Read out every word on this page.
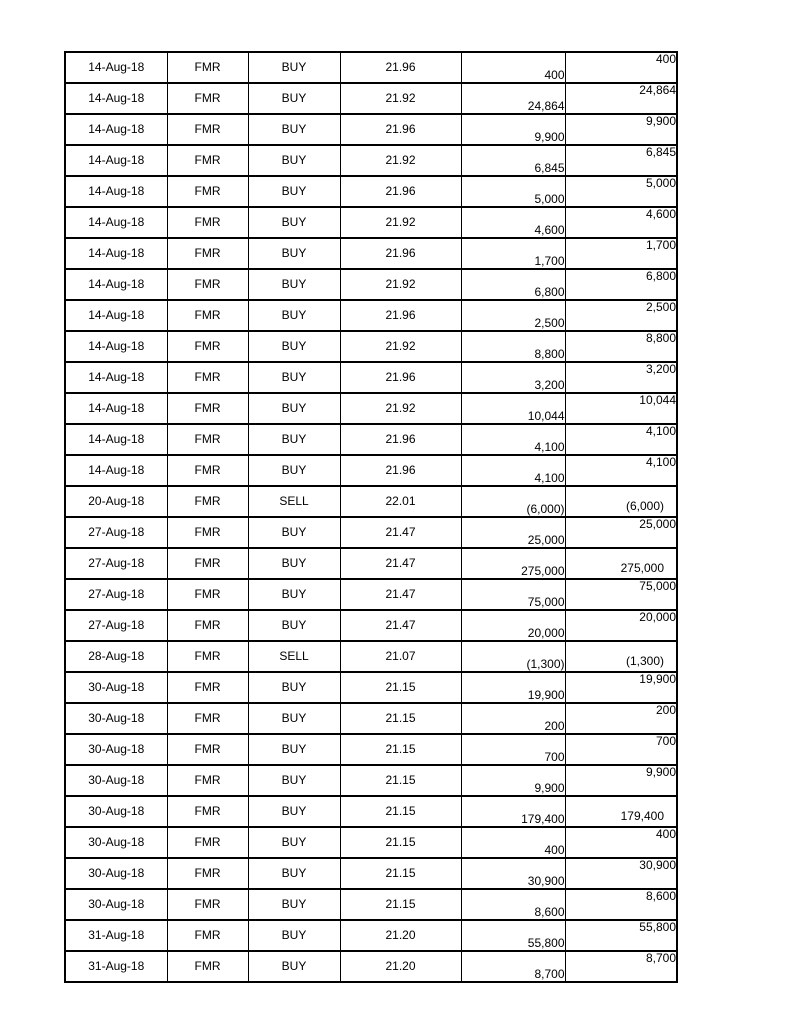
14-Aug-18	FMR	BUY	21.96	400	400
14-Aug-18	FMR	BUY	21.92	24,864	24,864
14-Aug-18	FMR	BUY	21.96	9,900	9,900
14-Aug-18	FMR	BUY	21.92	6,845	6,845
14-Aug-18	FMR	BUY	21.96	5,000	5,000
14-Aug-18	FMR	BUY	21.92	4,600	4,600
14-Aug-18	FMR	BUY	21.96	1,700	1,700
14-Aug-18	FMR	BUY	21.92	6,800	6,800
14-Aug-18	FMR	BUY	21.96	2,500	2,500
14-Aug-18	FMR	BUY	21.92	8,800	8,800
14-Aug-18	FMR	BUY	21.96	3,200	3,200
14-Aug-18	FMR	BUY	21.92	10,044	10,044
14-Aug-18	FMR	BUY	21.96	4,100	4,100
14-Aug-18	FMR	BUY	21.96	4,100	4,100
20-Aug-18	FMR	SELL	22.01	(6,000)	(6,000)
27-Aug-18	FMR	BUY	21.47	25,000	25,000
27-Aug-18	FMR	BUY	21.47	275,000	275,000
27-Aug-18	FMR	BUY	21.47	75,000	75,000
27-Aug-18	FMR	BUY	21.47	20,000	20,000
28-Aug-18	FMR	SELL	21.07	(1,300)	(1,300)
30-Aug-18	FMR	BUY	21.15	19,900	19,900
30-Aug-18	FMR	BUY	21.15	200	200
30-Aug-18	FMR	BUY	21.15	700	700
30-Aug-18	FMR	BUY	21.15	9,900	9,900
30-Aug-18	FMR	BUY	21.15	179,400	179,400
30-Aug-18	FMR	BUY	21.15	400	400
30-Aug-18	FMR	BUY	21.15	30,900	30,900
30-Aug-18	FMR	BUY	21.15	8,600	8,600
31-Aug-18	FMR	BUY	21.20	55,800	55,800
31-Aug-18	FMR	BUY	21.20	8,700	8,700
